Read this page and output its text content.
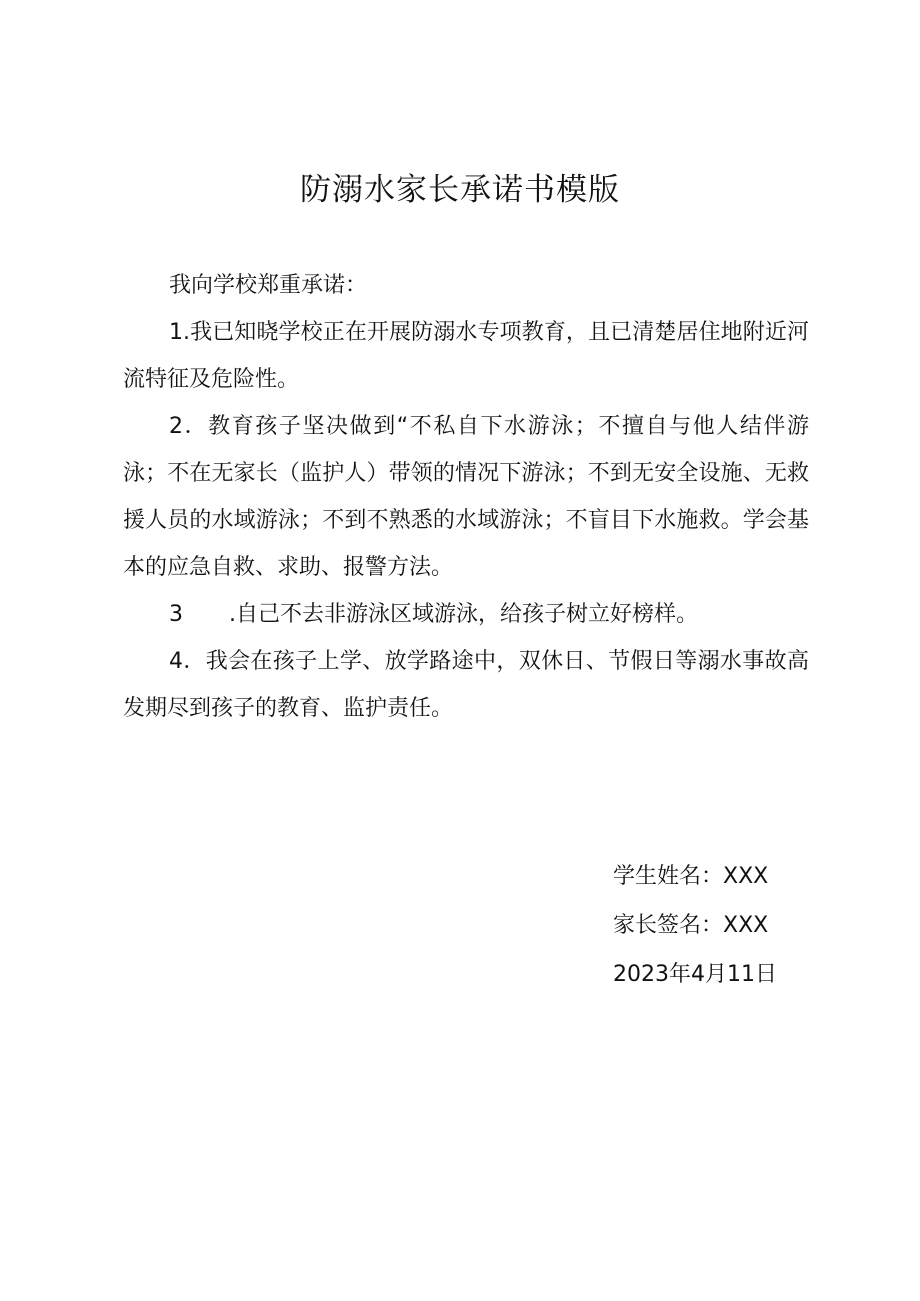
防溺水家长承诺书模版

我向学校郑重承诺：

1.我已知晓学校正在开展防溺水专项教育，且已清楚居住地附近河流特征及危险性。

2．教育孩子坚决做到“不私自下水游泳；不擅自与他人结伴游泳；不在无家长（监护人）带领的情况下游泳；不到无安全设施、无救援人员的水域游泳；不到不熟悉的水域游泳；不盲目下水施救。学会基本的应急自救、求助、报警方法。

3 .自己不去非游泳区域游泳，给孩子树立好榜样。

4．我会在孩子上学、放学路途中，双休日、节假日等溺水事故高发期尽到孩子的教育、监护责任。

学生姓名：XXX
家长签名：XXX
2023年4月11日
